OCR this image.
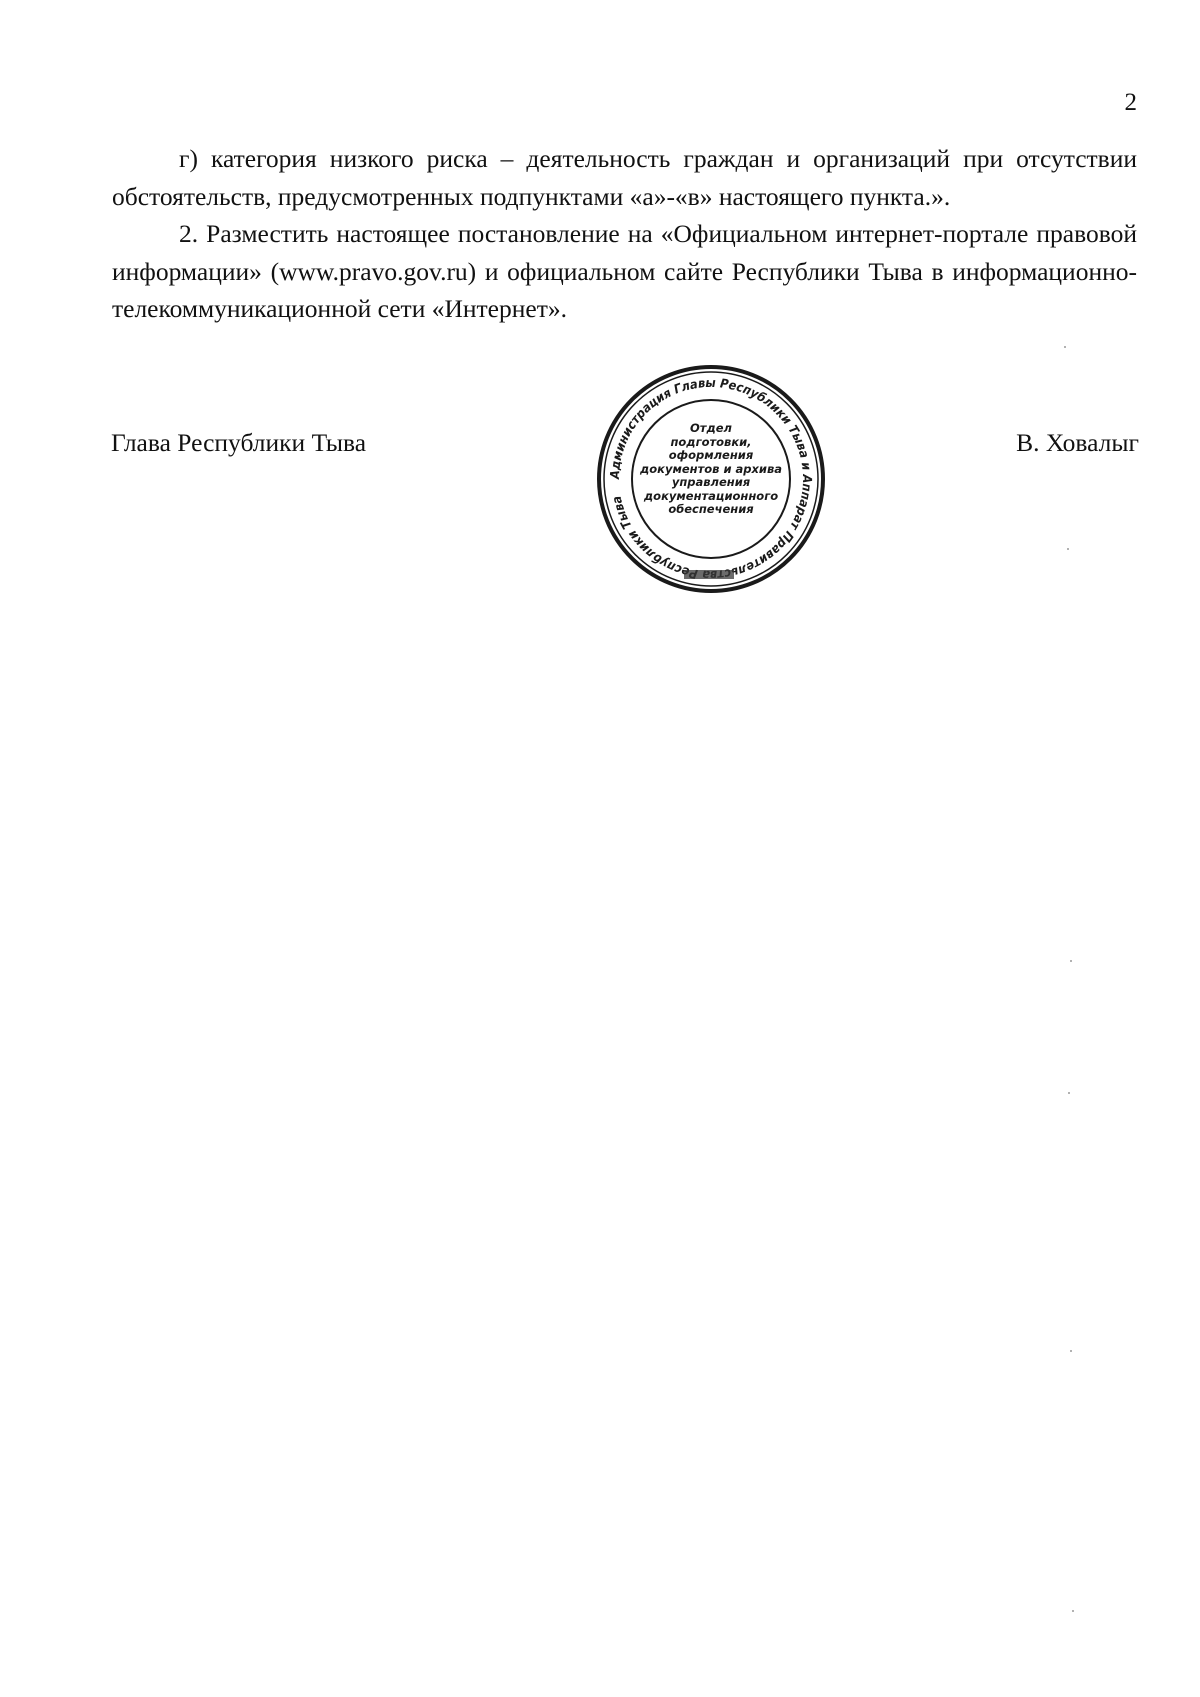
2

г) категория низкого риска – деятельность граждан и организаций при отсутствии обстоятельств, предусмотренных подпунктами «а»-«в» настоящего пункта.».

2. Разместить настоящее постановление на «Официальном интернет-портале правовой информации» (www.pravo.gov.ru) и официальном сайте Республики Тыва в информационно-телекоммуникационной сети «Интернет».

Глава Республики Тыва	В. Ховалыг
Администрация Главы Республики Тыва и Аппарат Правитель спублики Тыва
Отдел
подготовки,
оформления
документов и архива
управления
документационного
обеспечения
